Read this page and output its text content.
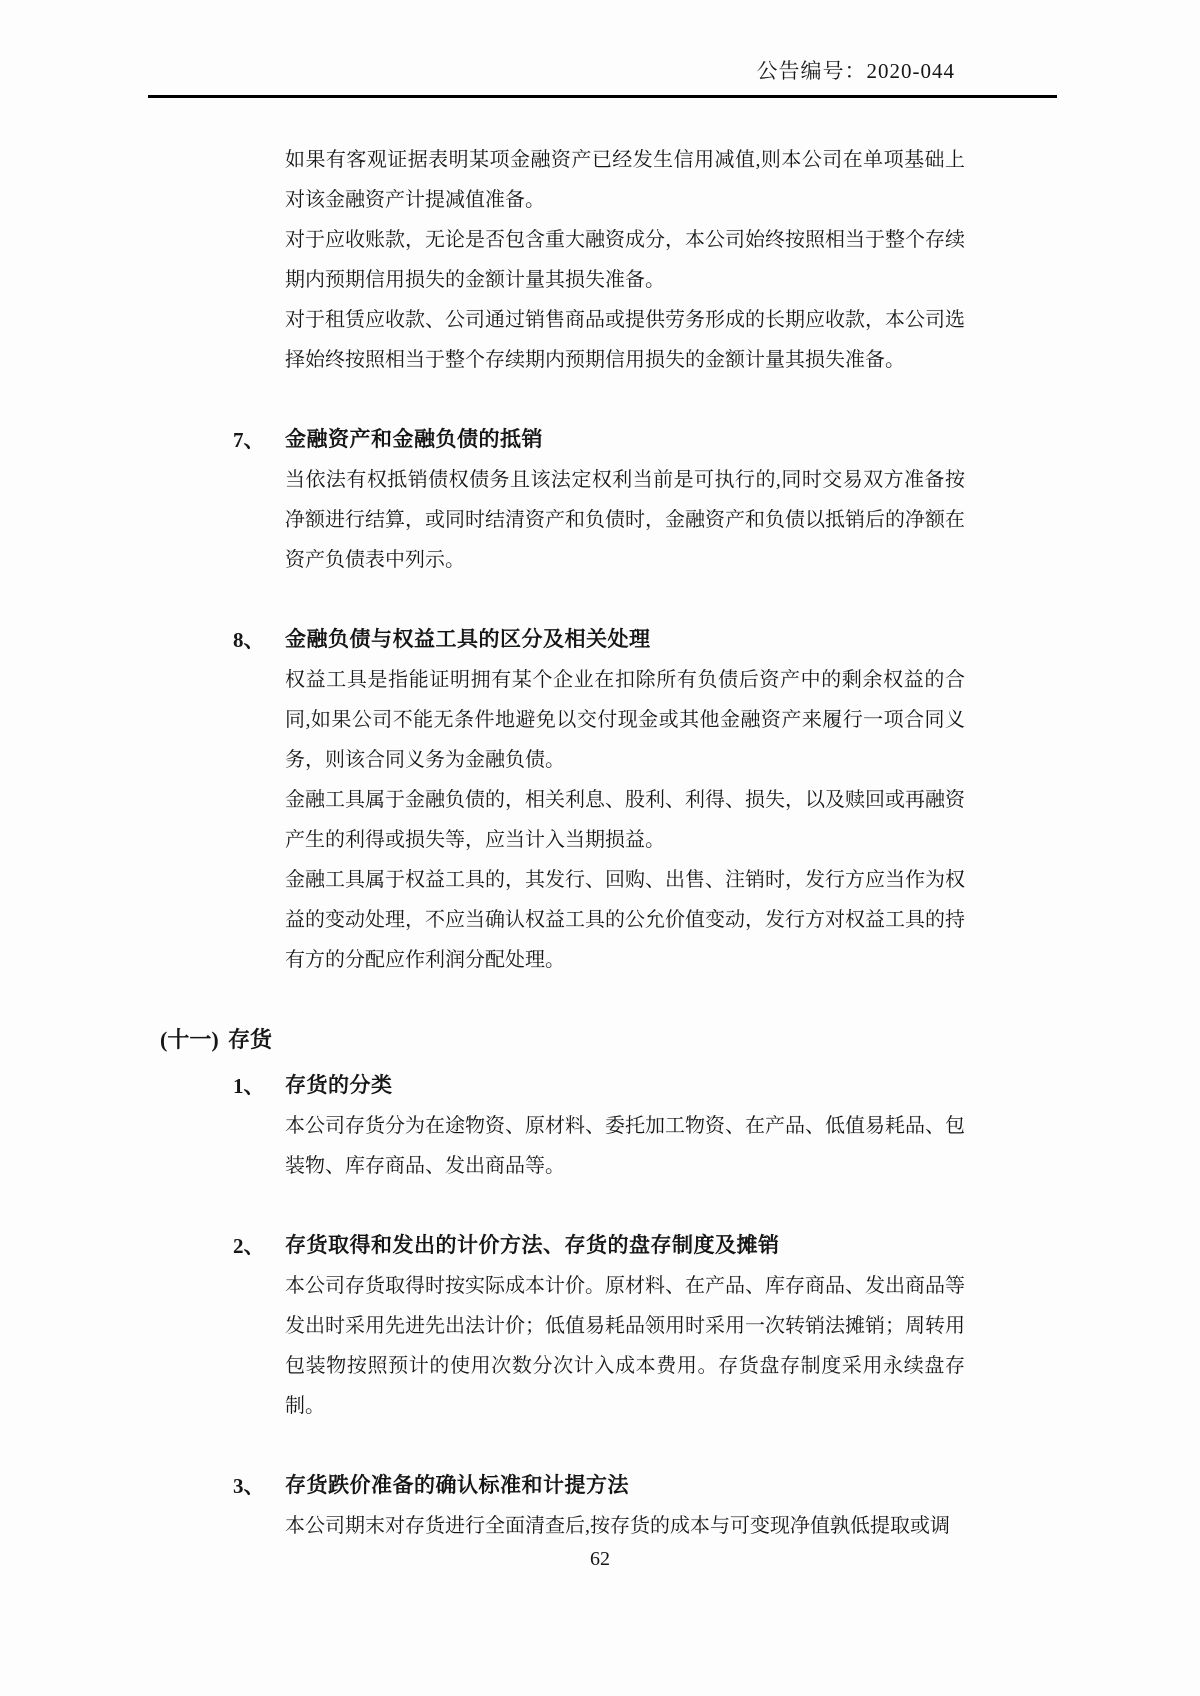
公告编号：2020-044

如果有客观证据表明某项金融资产已经发生信用减值,则本公司在单项基础上对该金融资产计提减值准备。

对于应收账款，无论是否包含重大融资成分，本公司始终按照相当于整个存续期内预期信用损失的金额计量其损失准备。

对于租赁应收款、公司通过销售商品或提供劳务形成的长期应收款，本公司选择始终按照相当于整个存续期内预期信用损失的金额计量其损失准备。

7、 金融资产和金融负债的抵销

当依法有权抵销债权债务且该法定权利当前是可执行的,同时交易双方准备按净额进行结算，或同时结清资产和负债时，金融资产和负债以抵销后的净额在资产负债表中列示。

8、 金融负债与权益工具的区分及相关处理

权益工具是指能证明拥有某个企业在扣除所有负债后资产中的剩余权益的合同,如果公司不能无条件地避免以交付现金或其他金融资产来履行一项合同义务，则该合同义务为金融负债。

金融工具属于金融负债的，相关利息、股利、利得、损失，以及赎回或再融资产生的利得或损失等，应当计入当期损益。

金融工具属于权益工具的，其发行、回购、出售、注销时，发行方应当作为权益的变动处理，不应当确认权益工具的公允价值变动，发行方对权益工具的持有方的分配应作利润分配处理。

(十一) 存货
1、 存货的分类

本公司存货分为在途物资、原材料、委托加工物资、在产品、低值易耗品、包装物、库存商品、发出商品等。

2、 存货取得和发出的计价方法、存货的盘存制度及摊销

本公司存货取得时按实际成本计价。原材料、在产品、库存商品、发出商品等发出时采用先进先出法计价；低值易耗品领用时采用一次转销法摊销；周转用包装物按照预计的使用次数分次计入成本费用。存货盘存制度采用永续盘存制。

3、 存货跌价准备的确认标准和计提方法

本公司期末对存货进行全面清查后,按存货的成本与可变现净值孰低提取或调

62
